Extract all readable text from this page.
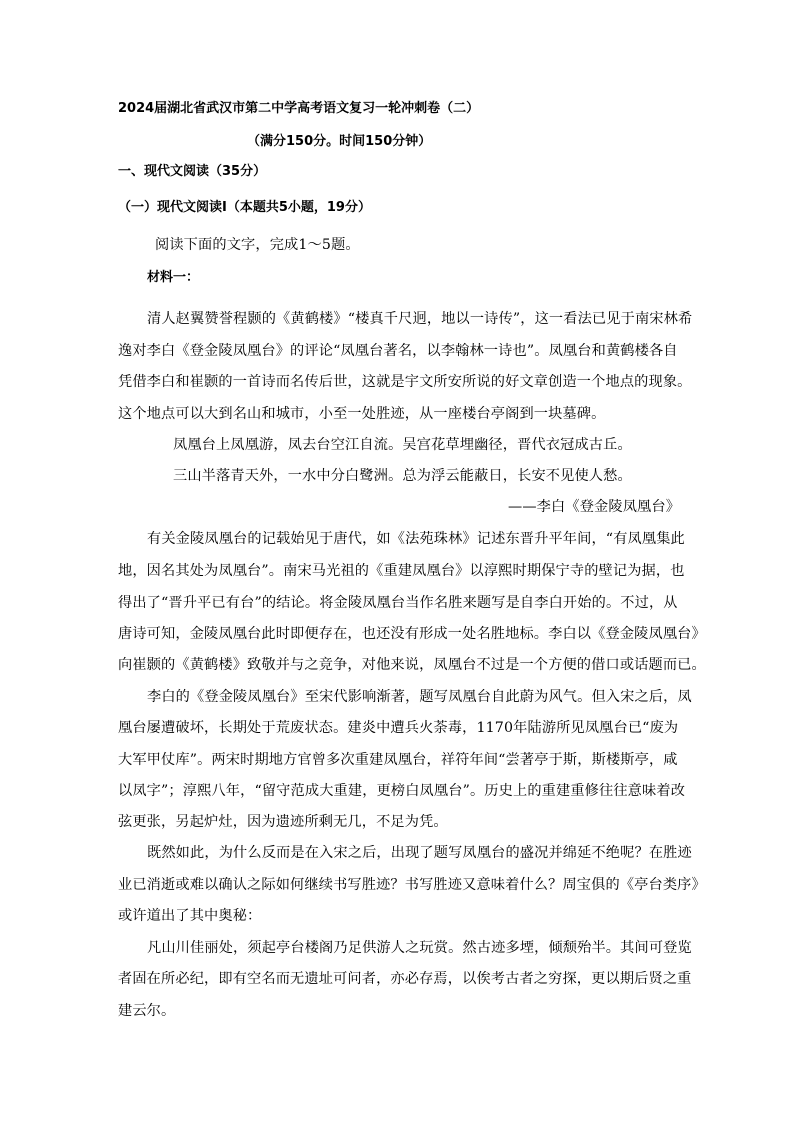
2024届湖北省武汉市第二中学高考语文复习一轮冲刺卷（二）
（满分150分。时间150分钟）
一、现代文阅读（35分）
（一）现代文阅读Ⅰ（本题共5小题，19分）
阅读下面的文字，完成1～5题。
材料一：
清人赵翼赞誉程颢的《黄鹤楼》“楼真千尺迥，地以一诗传”，这一看法已见于南宋林希
逸对李白《登金陵凤凰台》的评论“凤凰台著名，以李翰林一诗也”。凤凰台和黄鹤楼各自
凭借李白和崔颢的一首诗而名传后世，这就是宇文所安所说的好文章创造一个地点的现象。
这个地点可以大到名山和城市，小至一处胜迹，从一座楼台亭阁到一块墓碑。
凤凰台上凤凰游，凤去台空江自流。吴宫花草埋幽径，晋代衣冠成古丘。
三山半落青天外，一水中分白鹭洲。总为浮云能蔽日，长安不见使人愁。
——李白《登金陵凤凰台》
有关金陵凤凰台的记载始见于唐代，如《法苑珠林》记述东晋升平年间，“有凤凰集此
地，因名其处为凤凰台”。南宋马光祖的《重建凤凰台》以淳熙时期保宁寺的壁记为据，也
得出了“晋升平已有台”的结论。将金陵凤凰台当作名胜来题写是自李白开始的。不过，从
唐诗可知，金陵凤凰台此时即便存在，也还没有形成一处名胜地标。李白以《登金陵凤凰台》
向崔颢的《黄鹤楼》致敬并与之竞争，对他来说，凤凰台不过是一个方便的借口或话题而已。
李白的《登金陵凤凰台》至宋代影响渐著，题写凤凰台自此蔚为风气。但入宋之后，凤
凰台屡遭破坏，长期处于荒废状态。建炎中遭兵火荼毒，1170年陆游所见凤凰台已“废为
大军甲仗库”。两宋时期地方官曾多次重建凤凰台，祥符年间“尝著亭于斯，斯楼斯亭，咸
以凤字”；淳熙八年，“留守范成大重建，更榜白凤凰台”。历史上的重建重修往往意味着改
弦更张，另起炉灶，因为遗迹所剩无几，不足为凭。
既然如此，为什么反而是在入宋之后，出现了题写凤凰台的盛况并绵延不绝呢？在胜迹
业已消逝或难以确认之际如何继续书写胜迹？书写胜迹又意味着什么？周宝俱的《亭台类序》
或许道出了其中奥秘：
凡山川佳丽处，须起亭台楼阁乃足供游人之玩赏。然古迹多堙，倾颓殆半。其间可登览
者固在所必纪，即有空名而无遗址可问者，亦必存焉，以俟考古者之穷探，更以期后贤之重
建云尔。
